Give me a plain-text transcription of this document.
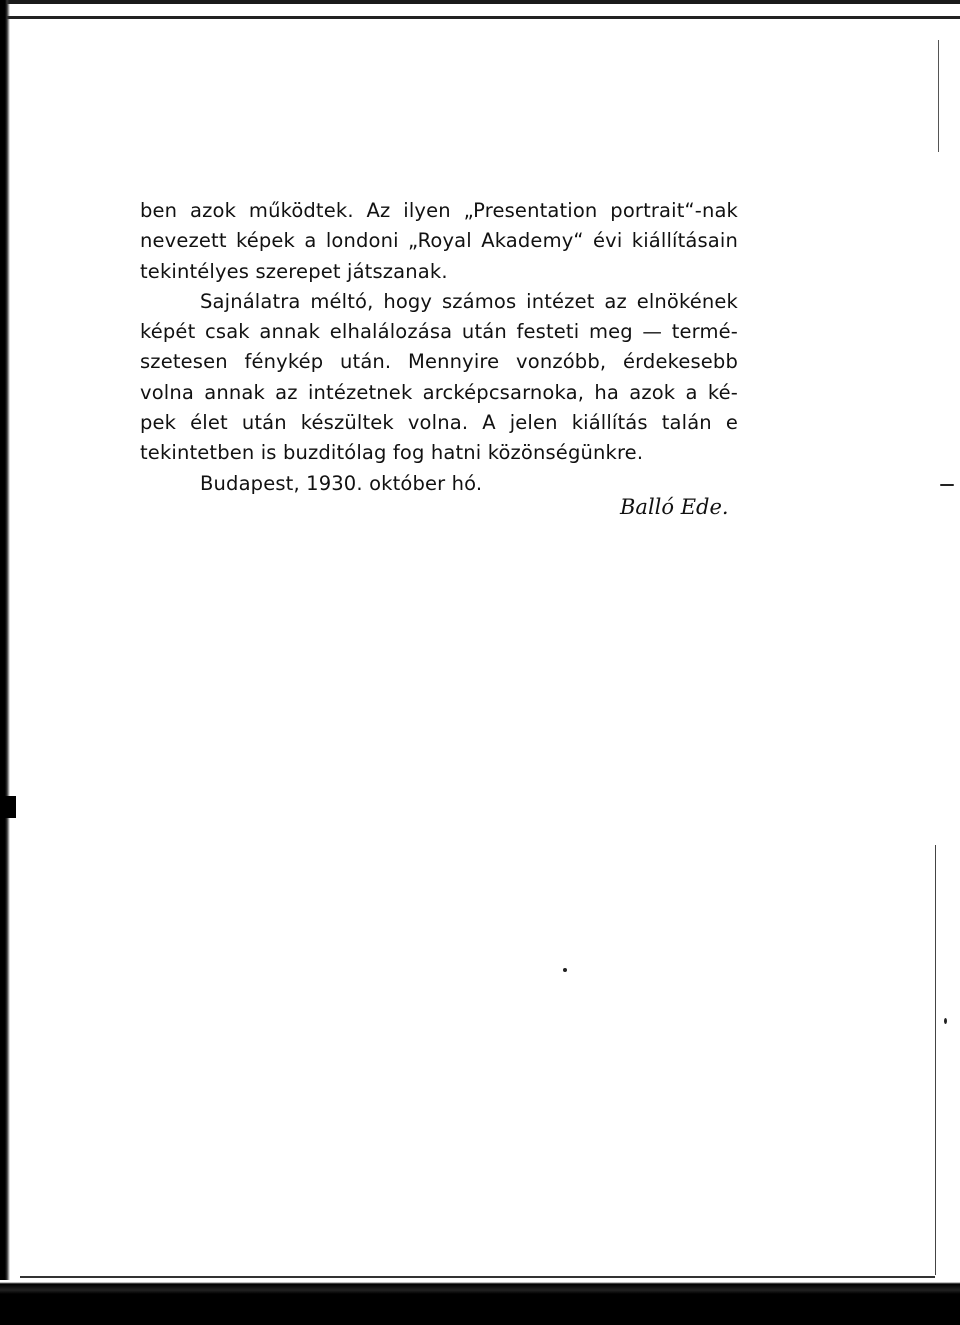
ben azok működtek. Az ilyen „Presentation portrait“-nak
nevezett képek a londoni „Royal Akademy“ évi kiállításain
tekintélyes szerepet játszanak.
Sajnálatra méltó, hogy számos intézet az elnökének
képét csak annak elhalálozása után festeti meg — termé-
szetesen fénykép után. Mennyire vonzóbb, érdekesebb
volna annak az intézetnek arcképcsarnoka, ha azok a ké-
pek élet után készültek volna. A jelen kiállítás talán e
tekintetben is buzditólag fog hatni közönségünkre.
Budapest, 1930. október hó.
Balló Ede.
